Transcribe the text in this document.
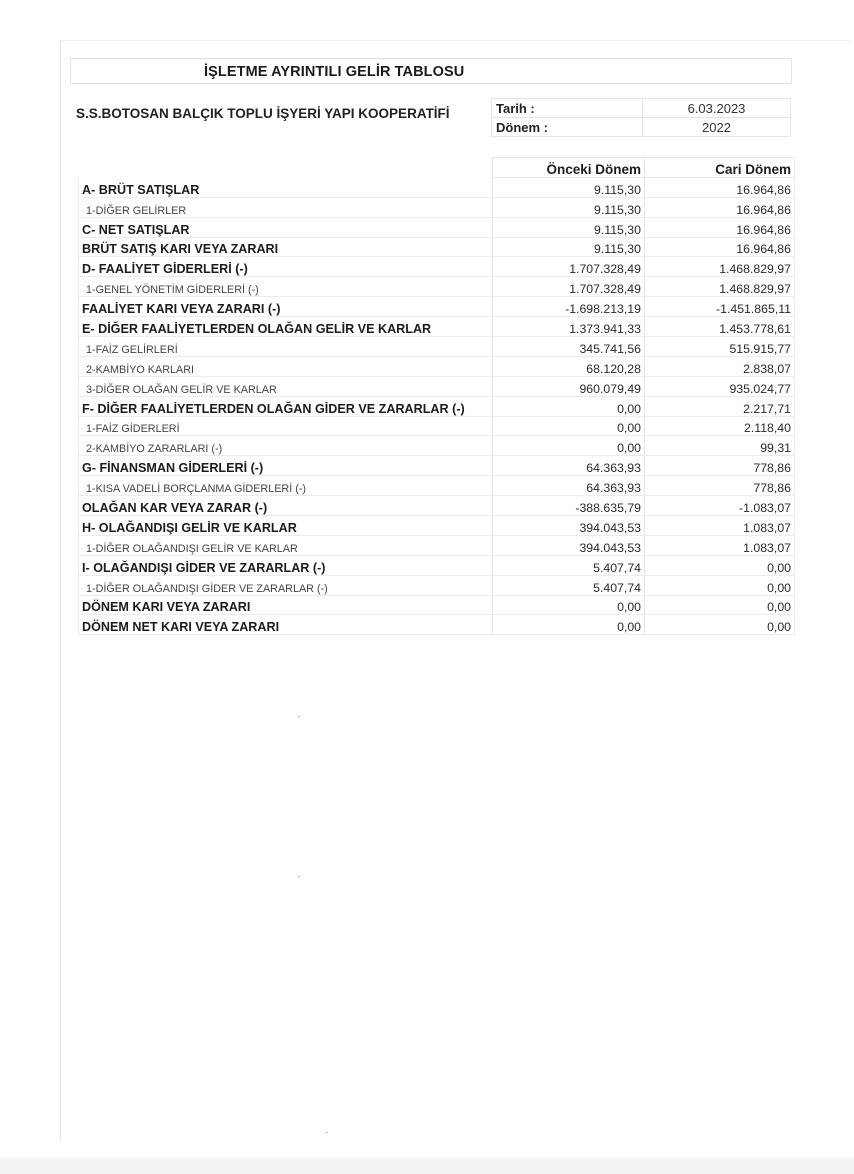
İŞLETME AYRINTILI GELİR TABLOSU
S.S.BOTOSAN BALÇIK TOPLU İŞYERİ YAPI KOOPERATİFİ	Tarih :	6.03.2023
Dönem :	2022
	Önceki Dönem	Cari Dönem
A- BRÜT SATIŞLAR	9.115,30	16.964,86
1-DİĞER GELİRLER	9.115,30	16.964,86
C- NET SATIŞLAR	9.115,30	16.964,86
BRÜT SATIŞ KARI VEYA ZARARI	9.115,30	16.964,86
D- FAALİYET GİDERLERİ (-)	1.707.328,49	1.468.829,97
1-GENEL YÖNETİM GİDERLERİ (-)	1.707.328,49	1.468.829,97
FAALİYET KARI VEYA ZARARI (-)	-1.698.213,19	-1.451.865,11
E- DİĞER FAALİYETLERDEN OLAĞAN GELİR VE KARLAR	1.373.941,33	1.453.778,61
1-FAİZ GELİRLERİ	345.741,56	515.915,77
2-KAMBİYO KARLARI	68.120,28	2.838,07
3-DİĞER OLAĞAN GELİR VE KARLAR	960.079,49	935.024,77
F- DİĞER FAALİYETLERDEN OLAĞAN GİDER VE ZARARLAR (-)	0,00	2.217,71
1-FAİZ GİDERLERİ	0,00	2.118,40
2-KAMBİYO ZARARLARI (-)	0,00	99,31
G- FİNANSMAN GİDERLERİ (-)	64.363,93	778,86
1-KISA VADELİ BORÇLANMA GİDERLERİ (-)	64.363,93	778,86
OLAĞAN KAR VEYA ZARAR (-)	-388.635,79	-1.083,07
H- OLAĞANDIŞI GELİR VE KARLAR	394.043,53	1.083,07
1-DİĞER OLAĞANDIŞI GELİR VE KARLAR	394.043,53	1.083,07
I- OLAĞANDIŞI GİDER VE ZARARLAR (-)	5.407,74	0,00
1-DİĞER OLAĞANDIŞI GİDER VE ZARARLAR (-)	5.407,74	0,00
DÖNEM KARI VEYA ZARARI	0,00	0,00
DÖNEM NET KARI VEYA ZARARI	0,00	0,00
